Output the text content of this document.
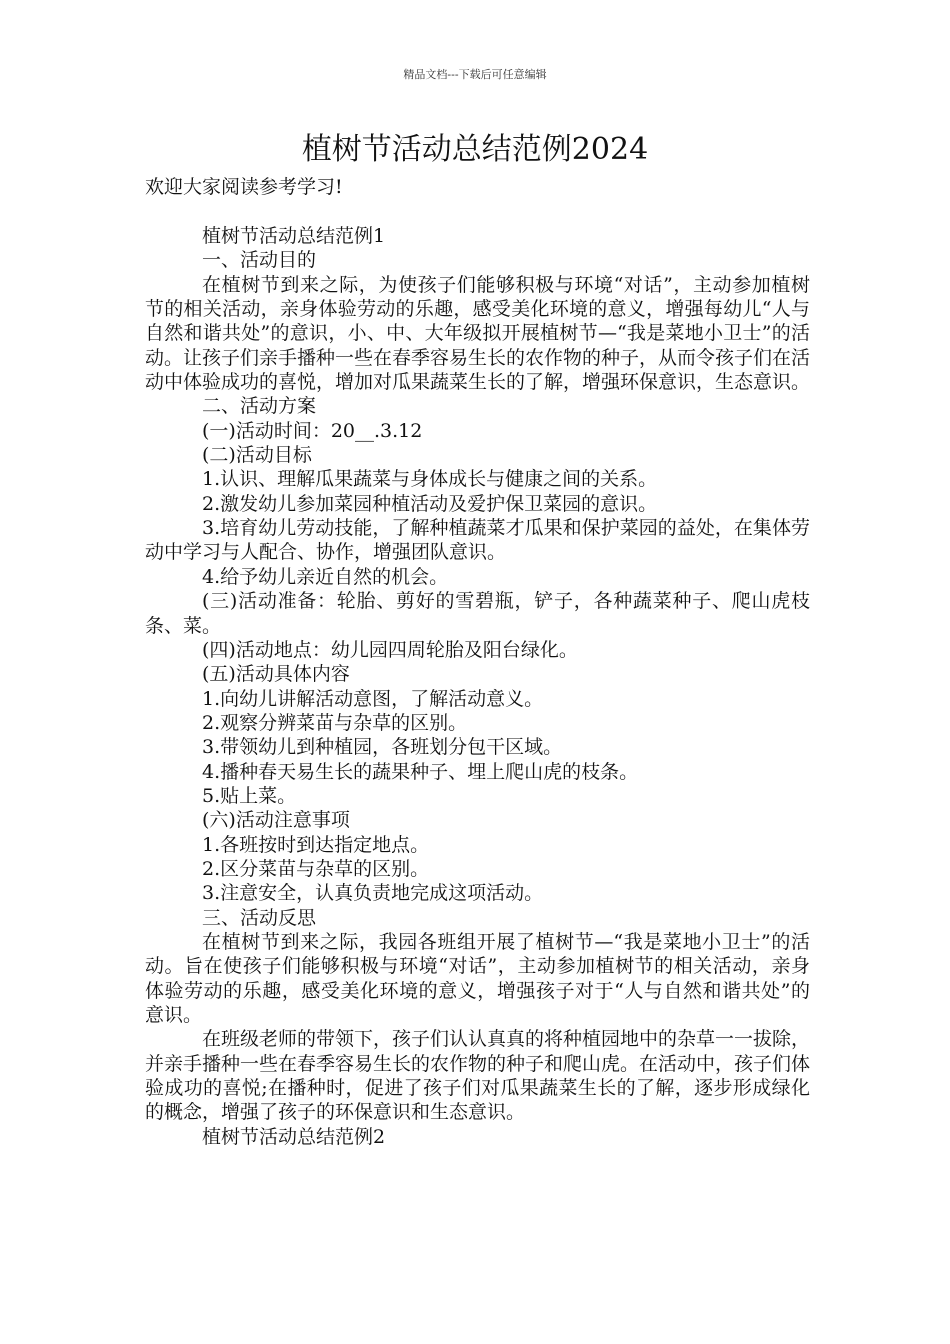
精品文档---下载后可任意编辑
植树节活动总结范例2024
欢迎大家阅读参考学习!

植树节活动总结范例1

一、活动目的

在植树节到来之际，为使孩子们能够积极与环境“对话”，主动参加植树节的相关活动，亲身体验劳动的乐趣，感受美化环境的意义，增强每幼儿“人与自然和谐共处”的意识，小、中、大年级拟开展植树节—“我是菜地小卫士”的活动。让孩子们亲手播种一些在春季容易生长的农作物的种子，从而令孩子们在活动中体验成功的喜悦，增加对瓜果蔬菜生长的了解，增强环保意识，生态意识。

二、活动方案

(一)活动时间：20__.3.12

(二)活动目标

1.认识、理解瓜果蔬菜与身体成长与健康之间的关系。

2.激发幼儿参加菜园种植活动及爱护保卫菜园的意识。

3.培育幼儿劳动技能，了解种植蔬菜才瓜果和保护菜园的益处，在集体劳动中学习与人配合、协作，增强团队意识。

4.给予幼儿亲近自然的机会。

(三)活动准备：轮胎、剪好的雪碧瓶，铲子，各种蔬菜种子、爬山虎枝条、菜。

(四)活动地点：幼儿园四周轮胎及阳台绿化。

(五)活动具体内容

1.向幼儿讲解活动意图，了解活动意义。

2.观察分辨菜苗与杂草的区别。

3.带领幼儿到种植园，各班划分包干区域。

4.播种春天易生长的蔬果种子、埋上爬山虎的枝条。

5.贴上菜。

(六)活动注意事项

1.各班按时到达指定地点。

2.区分菜苗与杂草的区别。

3.注意安全，认真负责地完成这项活动。

三、活动反思

在植树节到来之际，我园各班组开展了植树节—“我是菜地小卫士”的活动。旨在使孩子们能够积极与环境“对话”，主动参加植树节的相关活动，亲身体验劳动的乐趣，感受美化环境的意义，增强孩子对于“人与自然和谐共处”的意识。

在班级老师的带领下，孩子们认认真真的将种植园地中的杂草一一拔除，并亲手播种一些在春季容易生长的农作物的种子和爬山虎。在活动中，孩子们体验成功的喜悦;在播种时，促进了孩子们对瓜果蔬菜生长的了解，逐步形成绿化的概念，增强了孩子的环保意识和生态意识。

植树节活动总结范例2
